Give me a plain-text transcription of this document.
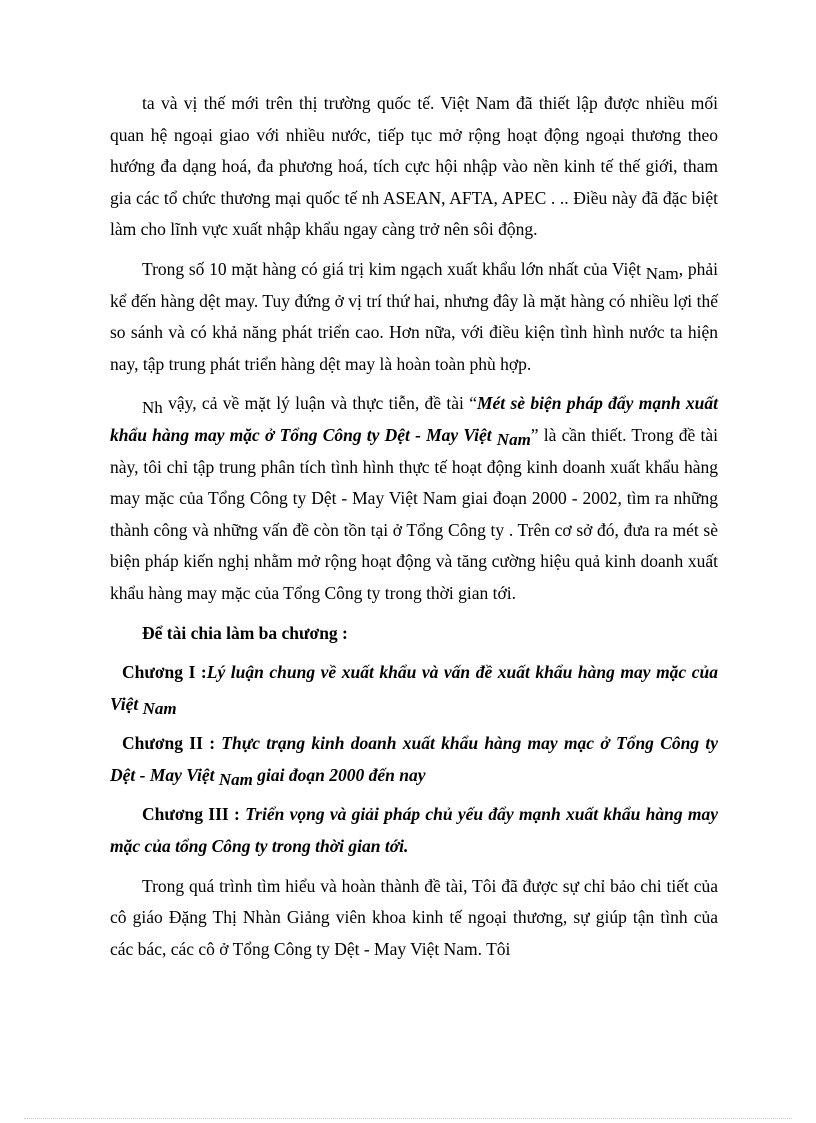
ta và vị thế mới trên thị trường quốc tế. Việt Nam đã thiết lập được nhiều mối quan hệ ngoại giao với nhiều nước, tiếp tục mở rộng hoạt động ngoại thương theo hướng đa dạng hoá, đa phương hoá, tích cực hội nhập vào nền kinh tế thế giới, tham gia các tổ chức thương mại quốc tế nh ASEAN, AFTA, APEC . .. Điều này đã đặc biệt làm cho lĩnh vực xuất nhập khẩu ngay càng trở nên sôi động.

Trong số 10 mặt hàng có giá trị kim ngạch xuất khẩu lớn nhất của Việt Nam, phải kể đến hàng dệt may. Tuy đứng ở vị trí thứ hai, nhưng đây là mặt hàng có nhiều lợi thế so sánh và có khả năng phát triển cao. Hơn nữa, với điều kiện tình hình nước ta hiện nay, tập trung phát triển hàng dệt may là hoàn toàn phù hợp.

Nh vậy, cả về mặt lý luận và thực tiễn, đề tài “Mét sè biện pháp đẩy mạnh xuất khẩu hàng may mặc ở Tổng Công ty Dệt - May Việt Nam” là cần thiết. Trong đề tài này, tôi chỉ tập trung phân tích tình hình thực tế hoạt động kinh doanh xuất khẩu hàng may mặc của Tổng Công ty Dệt - May Việt Nam giai đoạn 2000 - 2002, tìm ra những thành công và những vấn đề còn tồn tại ở Tổng Công ty . Trên cơ sở đó, đưa ra mét sè biện pháp kiến nghị nhằm mở rộng hoạt động và tăng cường hiệu quả kinh doanh xuất khẩu hàng may mặc của Tổng Công ty trong thời gian tới.

Để tài chia làm ba chương :

Chương I :Lý luận chung về xuất khẩu và vấn đề xuất khẩu hàng may mặc của Việt Nam

Chương II : Thực trạng kinh doanh xuất khẩu hàng may mạc ở Tổng Công ty Dệt - May Việt Nam giai đoạn 2000 đến nay

Chương III : Triển vọng và giải pháp chủ yếu đẩy mạnh xuất khẩu hàng may mặc của tổng Công ty trong thời gian tới.

Trong quá trình tìm hiểu và hoàn thành đề tài, Tôi đã được sự chỉ bảo chi tiết của cô giáo Đặng Thị Nhàn Giảng viên khoa kinh tế ngoại thương, sự giúp tận tình của các bác, các cô ở Tổng Công ty Dệt - May Việt Nam. Tôi
